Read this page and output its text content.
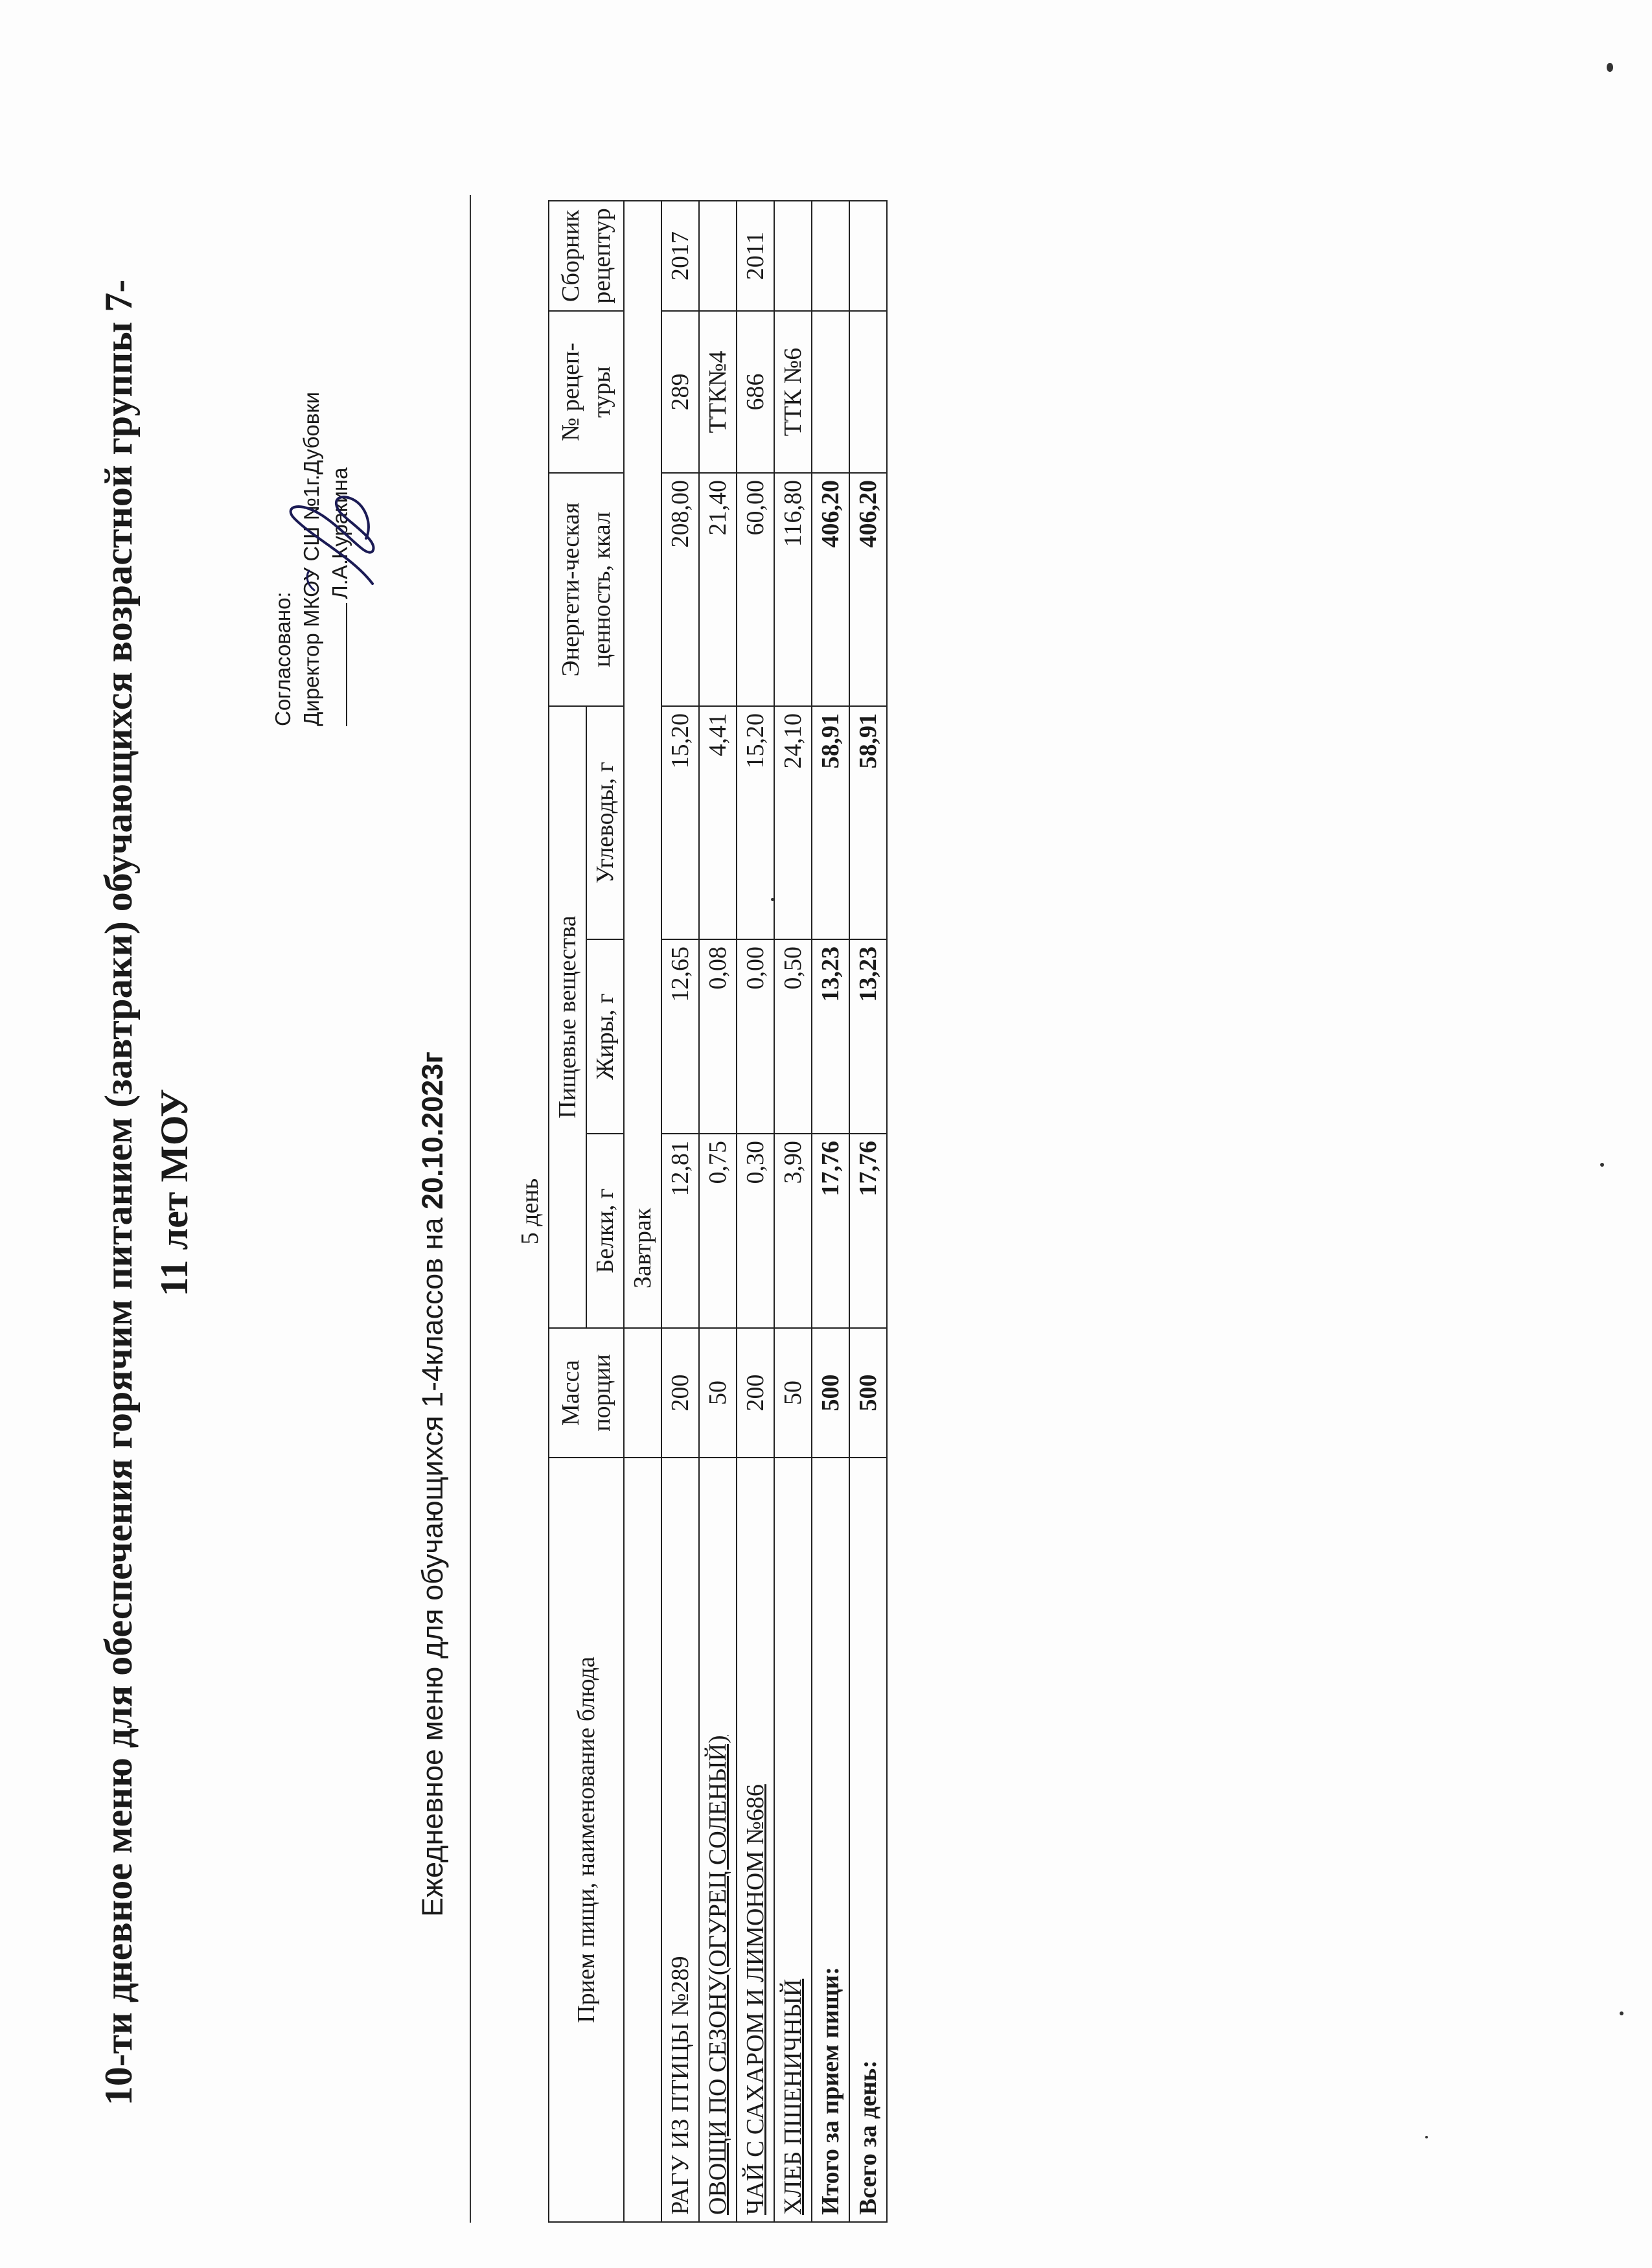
10-ти дневное меню для обеспечения горячим питанием (завтраки) обучающихся возрастной группы 7- 11 лет МОУ
Согласовано: Директор МКОУ СШ №1г.Дубовки Л.А.Куракина
Ежедневное меню для обучающихся 1-4классов на 20.10.2023г
5 день							
Прием пищи, наименование блюда	Масса порции	Пищевые вещества			Энергети-ческая ценность, ккал	№ рецеп-туры	Сборник рецептур
		Белки, г	Жиры, г	Углеводы, г			
		Завтрак					
РАГУ ИЗ ПТИЦЫ №289	200	12,81	12,65	15,20	208,00	289	2017
ОВОЩИ ПО СЕЗОНУ(ОГУРЕЦ СОЛЕНЫЙ)	50	0,75	0,08	4,41	21,40	ТТК№4	
ЧАЙ С САХАРОМ И ЛИМОНОМ №686	200	0,30	0,00	15,20	60,00	686	2011
ХЛЕБ ПШЕНИЧНЫЙ	50	3,90	0,50	24,10	116,80	ТТК №6	
Итого за прием пищи:	500	17,76	13,23	58,91	406,20		
Всего за день:	500	17,76	13,23	58,91	406,20		
